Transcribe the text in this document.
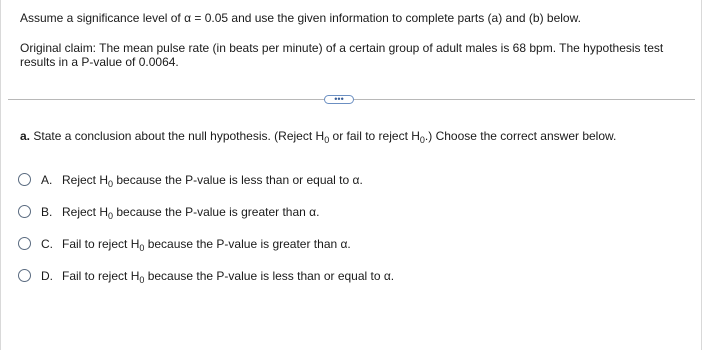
Assume a significance level of α = 0.05 and use the given information to complete parts (a) and (b) below.
Original claim: The mean pulse rate (in beats per minute) of a certain group of adult males is 68 bpm. The hypothesis test results in a P-value of 0.0064.
•••
a. State a conclusion about the null hypothesis. (Reject $H_0$ or fail to reject $H_0$.) Choose the correct answer below.
A. Reject $H_0$ because the P-value is less than or equal to α.
B. Reject $H_0$ because the P-value is greater than α.
C. Fail to reject $H_0$ because the P-value is greater than α.
D. Fail to reject $H_0$ because the P-value is less than or equal to α.
